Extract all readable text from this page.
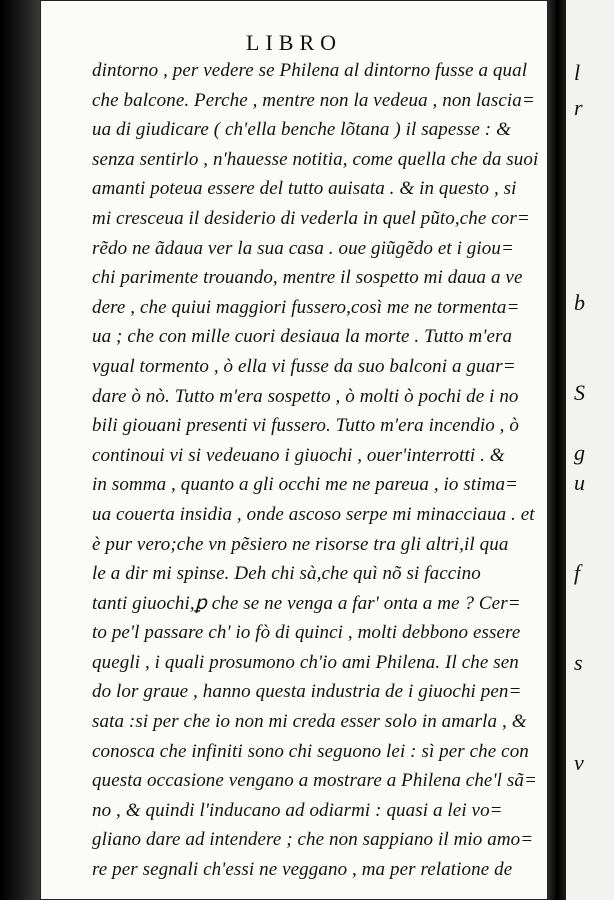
LIBRO
dintorno , per vedere se Philena al dintorno fusse a qual
che balcone. Perche , mentre non la vedeua , non lascia=
ua di giudicare ( ch'ella benche lõtana ) il sapesse : &
senza sentirlo , n'hauesse notitia, come quella che da suoi
amanti poteua essere del tutto auisata . & in questo , si
mi cresceua il desiderio di vederla in quel pũto,che cor=
rẽdo ne ãdaua ver la sua casa . oue giũgẽdo et i giou=
chi parimente trouando, mentre il sospetto mi daua a ve
dere , che quiui maggiori fussero,così me ne tormenta=
ua ; che con mille cuori desiaua la morte . Tutto m'era
vgual tormento , ò ella vi fusse da suo balconi a guar=
dare ò nò. Tutto m'era sospetto , ò molti ò pochi de i no
bili giouani presenti vi fussero. Tutto m'era incendio , ò
continoui vi si vedeuano i giuochi , ouer'interrotti . &
in somma , quanto a gli occhi me ne pareua , io stima=
ua couerta insidia , onde ascoso serpe mi minacciaua . et
è pur vero;che vn pẽsiero ne risorse tra gli altri,il qua
le a dir mi spinse. Deh chi sà,che quì nõ si faccino
tanti giuochi,ꝑ che se ne venga a far' onta a me ? Cer=
to pe'l passare ch' io fò di quinci , molti debbono essere
quegli , i quali prosumono ch'io ami Philena. Il che sen
do lor graue , hanno questa industria de i giuochi pen=
sata :si per che io non mi creda esser solo in amarla , &
conosca che infiniti sono chi seguono lei : sì per che con
questa occasione vengano a mostrare a Philena che'l sã=
no , & quindi l'inducano ad odiarmi : quasi a lei vo=
gliano dare ad intendere ; che non sappiano il mio amo=
re per segnali ch'essi ne veggano , ma per relatione de
l
r
b
S
g
u
f
s
v
